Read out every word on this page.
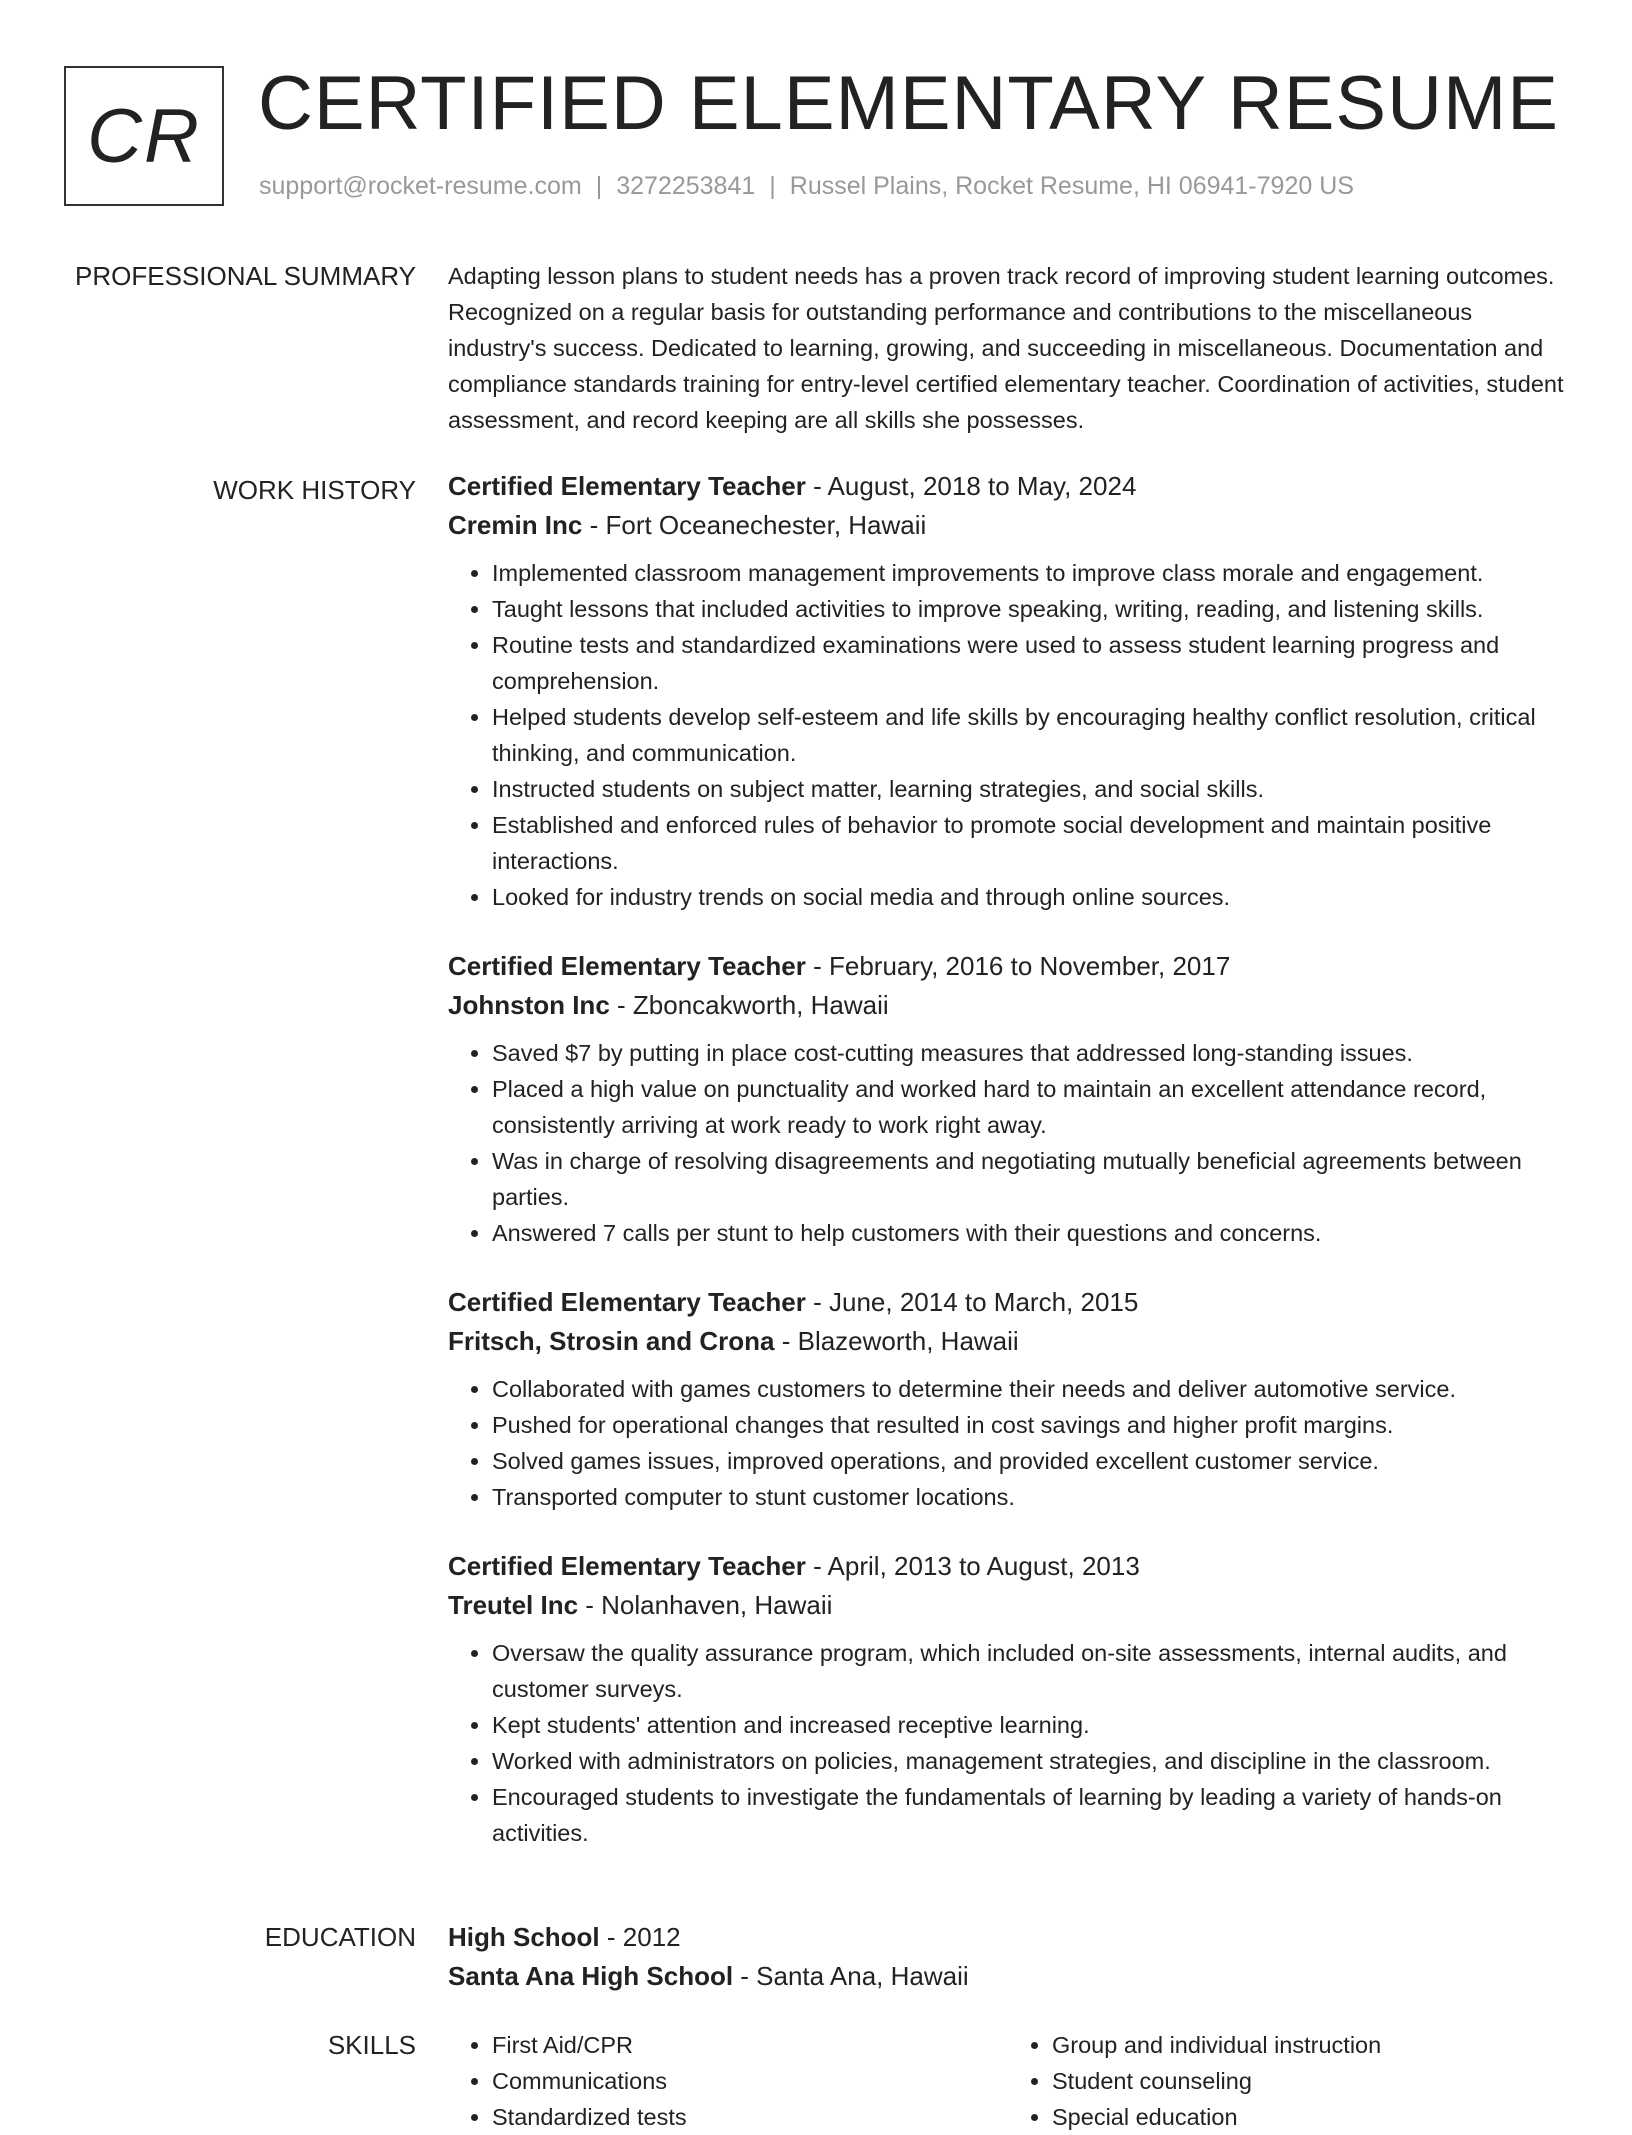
CR CERTIFIED ELEMENTARY RESUME
support@rocket-resume.com | 3272253841 | Russel Plains, Rocket Resume, HI 06941-7920 US
PROFESSIONAL SUMMARY Adapting lesson plans to student needs has a proven track record of improving student learning outcomes. Recognized on a regular basis for outstanding performance and contributions to the miscellaneous industry's success. Dedicated to learning, growing, and succeeding in miscellaneous. Documentation and compliance standards training for entry-level certified elementary teacher. Coordination of activities, student assessment, and record keeping are all skills she possesses.

WORK HISTORY Certified Elementary Teacher - August, 2018 to May, 2024
Cremin Inc - Fort Oceanechester, Hawaii
• Implemented classroom management improvements to improve class morale and engagement.
• Taught lessons that included activities to improve speaking, writing, reading, and listening skills.
• Routine tests and standardized examinations were used to assess student learning progress and comprehension.
• Helped students develop self-esteem and life skills by encouraging healthy conflict resolution, critical thinking, and communication.
• Instructed students on subject matter, learning strategies, and social skills.
• Established and enforced rules of behavior to promote social development and maintain positive interactions.
• Looked for industry trends on social media and through online sources.
Certified Elementary Teacher - February, 2016 to November, 2017
Johnston Inc - Zboncakworth, Hawaii
• Saved $7 by putting in place cost-cutting measures that addressed long-standing issues.
• Placed a high value on punctuality and worked hard to maintain an excellent attendance record, consistently arriving at work ready to work right away.
• Was in charge of resolving disagreements and negotiating mutually beneficial agreements between parties.
• Answered 7 calls per stunt to help customers with their questions and concerns.
Certified Elementary Teacher - June, 2014 to March, 2015
Fritsch, Strosin and Crona - Blazeworth, Hawaii
• Collaborated with games customers to determine their needs and deliver automotive service.
• Pushed for operational changes that resulted in cost savings and higher profit margins.
• Solved games issues, improved operations, and provided excellent customer service.
• Transported computer to stunt customer locations.
Certified Elementary Teacher - April, 2013 to August, 2013
Treutel Inc - Nolanhaven, Hawaii
• Oversaw the quality assurance program, which included on-site assessments, internal audits, and customer surveys.
• Kept students' attention and increased receptive learning.
• Worked with administrators on policies, management strategies, and discipline in the classroom.
• Encouraged students to investigate the fundamentals of learning by leading a variety of hands-on activities.
EDUCATION High School - 2012
Santa Ana High School - Santa Ana, Hawaii
SKILLS
•	First Aid/CPR
• Communications
• Standardized tests
• Group and individual instruction
• Student counseling
• Special education
